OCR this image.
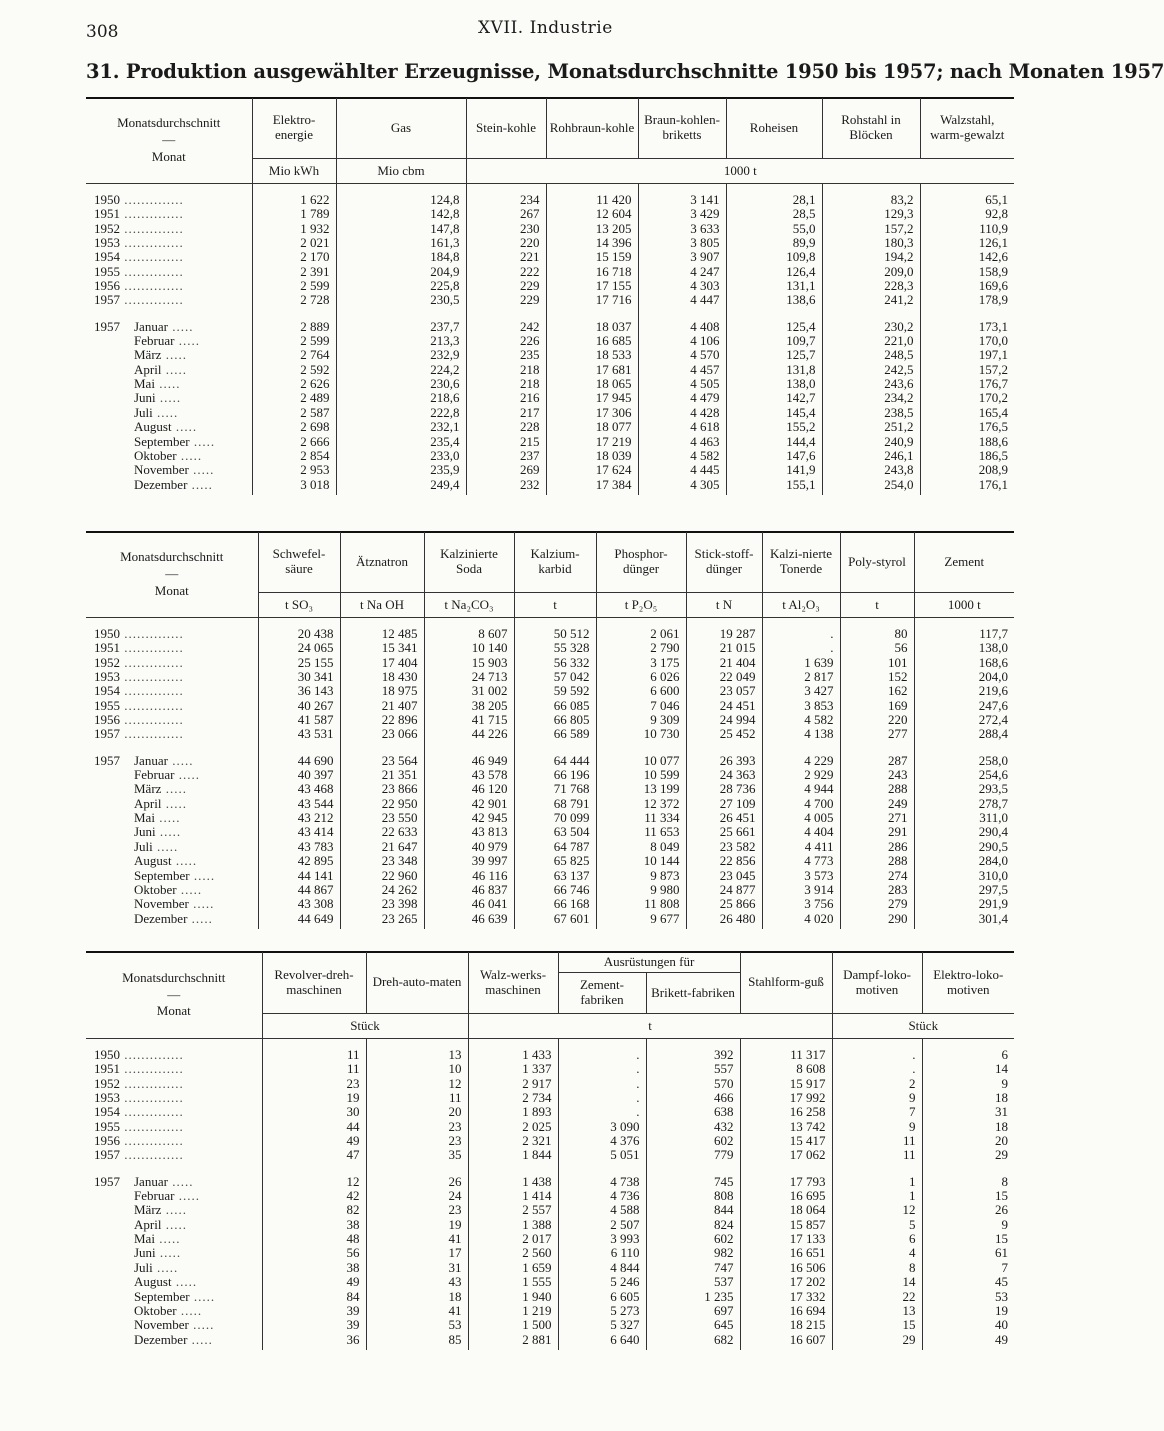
308	XVII. Industrie
31. Produktion ausgewählter Erzeugnisse, Monatsdurchschnitte 1950 bis 1957; nach Monaten 1957
Monatsdurchschnitt
—
Monat	Elektro-energie	Gas	Stein-kohle	Rohbraun-kohle	Braun-kohlen-briketts	Roheisen	Rohstahl in Blöcken	Walzstahl, warm-gewalzt
	Mio kWh	Mio cbm	1000 t					
1950 ..............	1 622	124,8	234	11 420	3 141	28,1	83,2	65,1
1951 ..............	1 789	142,8	267	12 604	3 429	28,5	129,3	92,8
1952 ..............	1 932	147,8	230	13 205	3 633	55,0	157,2	110,9
1953 ..............	2 021	161,3	220	14 396	3 805	89,9	180,3	126,1
1954 ..............	2 170	184,8	221	15 159	3 907	109,8	194,2	142,6
1955 ..............	2 391	204,9	222	16 718	4 247	126,4	209,0	158,9
1956 ..............	2 599	225,8	229	17 155	4 303	131,1	228,3	169,6
1957 ..............	2 728	230,5	229	17 716	4 447	138,6	241,2	178,9

1957 Januar .....	2 889	237,7	242	18 037	4 408	125,4	230,2	173,1
Februar .....	2 599	213,3	226	16 685	4 106	109,7	221,0	170,0
März .....	2 764	232,9	235	18 533	4 570	125,7	248,5	197,1
April .....	2 592	224,2	218	17 681	4 457	131,8	242,5	157,2
Mai .....	2 626	230,6	218	18 065	4 505	138,0	243,6	176,7
Juni .....	2 489	218,6	216	17 945	4 479	142,7	234,2	170,2
Juli .....	2 587	222,8	217	17 306	4 428	145,4	238,5	165,4
August .....	2 698	232,1	228	18 077	4 618	155,2	251,2	176,5
September .....	2 666	235,4	215	17 219	4 463	144,4	240,9	188,6
Oktober .....	2 854	233,0	237	18 039	4 582	147,6	246,1	186,5
November .....	2 953	235,9	269	17 624	4 445	141,9	243,8	208,9
Dezember .....	3 018	249,4	232	17 384	4 305	155,1	254,0	176,1
Monatsdurchschnitt
—
Monat	Schwefel-säure	Ätznatron	Kalzinierte Soda	Kalzium-karbid	Phosphor-dünger	Stick-stoff-dünger	Kalzi-nierte Tonerde	Poly-styrol	Zement
	t SO₃	t Na OH	t Na₂CO₃	t	t P₂O₅	t N	t Al₂O₃	t	1000 t
1950 ..............	20 438	12 485	8 607	50 512	2 061	19 287	.	80	117,7
1951 ..............	24 065	15 341	10 140	55 328	2 790	21 015	.	56	138,0
1952 ..............	25 155	17 404	15 903	56 332	3 175	21 404	1 639	101	168,6
1953 ..............	30 341	18 430	24 713	57 042	6 026	22 049	2 817	152	204,0
1954 ..............	36 143	18 975	31 002	59 592	6 600	23 057	3 427	162	219,6
1955 ..............	40 267	21 407	38 205	66 085	7 046	24 451	3 853	169	247,6
1956 ..............	41 587	22 896	41 715	66 805	9 309	24 994	4 582	220	272,4
1957 ..............	43 531	23 066	44 226	66 589	10 730	25 452	4 138	277	288,4

1957 Januar .....	44 690	23 564	46 949	64 444	10 077	26 393	4 229	287	258,0
Februar .....	40 397	21 351	43 578	66 196	10 599	24 363	2 929	243	254,6
März .....	43 468	23 866	46 120	71 768	13 199	28 736	4 944	288	293,5
April .....	43 544	22 950	42 901	68 791	12 372	27 109	4 700	249	278,7
Mai .....	43 212	23 550	42 945	70 099	11 334	26 451	4 005	271	311,0
Juni .....	43 414	22 633	43 813	63 504	11 653	25 661	4 404	291	290,4
Juli .....	43 783	21 647	40 979	64 787	8 049	23 582	4 411	286	290,5
August .....	42 895	23 348	39 997	65 825	10 144	22 856	4 773	288	284,0
September .....	44 141	22 960	46 116	63 137	9 873	23 045	3 573	274	310,0
Oktober .....	44 867	24 262	46 837	66 746	9 980	24 877	3 914	283	297,5
November .....	43 308	23 398	46 041	66 168	11 808	25 866	3 756	279	291,9
Dezember .....	44 649	23 265	46 639	67 601	9 677	26 480	4 020	290	301,4
Monatsdurchschnitt
—
Monat	Revolver-dreh-maschinen	Dreh-auto-maten	Walz-werks-maschinen	Ausrüstungen für		Stahlform-guß	Dampf-loko-motiven	Elektro-loko-motiven
				Zement-fabriken	Brikett-fabriken			
	Stück		t				Stück	
1950 ..............	11	13	1 433	.	392	11 317	.	6
1951 ..............	11	10	1 337	.	557	8 608	.	14
1952 ..............	23	12	2 917	.	570	15 917	2	9
1953 ..............	19	11	2 734	.	466	17 992	9	18
1954 ..............	30	20	1 893	.	638	16 258	7	31
1955 ..............	44	23	2 025	3 090	432	13 742	9	18
1956 ..............	49	23	2 321	4 376	602	15 417	11	20
1957 ..............	47	35	1 844	5 051	779	17 062	11	29

1957 Januar .....	12	26	1 438	4 738	745	17 793	1	8
Februar .....	42	24	1 414	4 736	808	16 695	1	15
März .....	82	23	2 557	4 588	844	18 064	12	26
April .....	38	19	1 388	2 507	824	15 857	5	9
Mai .....	48	41	2 017	3 993	602	17 133	6	15
Juni .....	56	17	2 560	6 110	982	16 651	4	61
Juli .....	38	31	1 659	4 844	747	16 506	8	7
August .....	49	43	1 555	5 246	537	17 202	14	45
September .....	84	18	1 940	6 605	1 235	17 332	22	53
Oktober .....	39	41	1 219	5 273	697	16 694	13	19
November .....	39	53	1 500	5 327	645	18 215	15	40
Dezember .....	36	85	2 881	6 640	682	16 607	29	49
